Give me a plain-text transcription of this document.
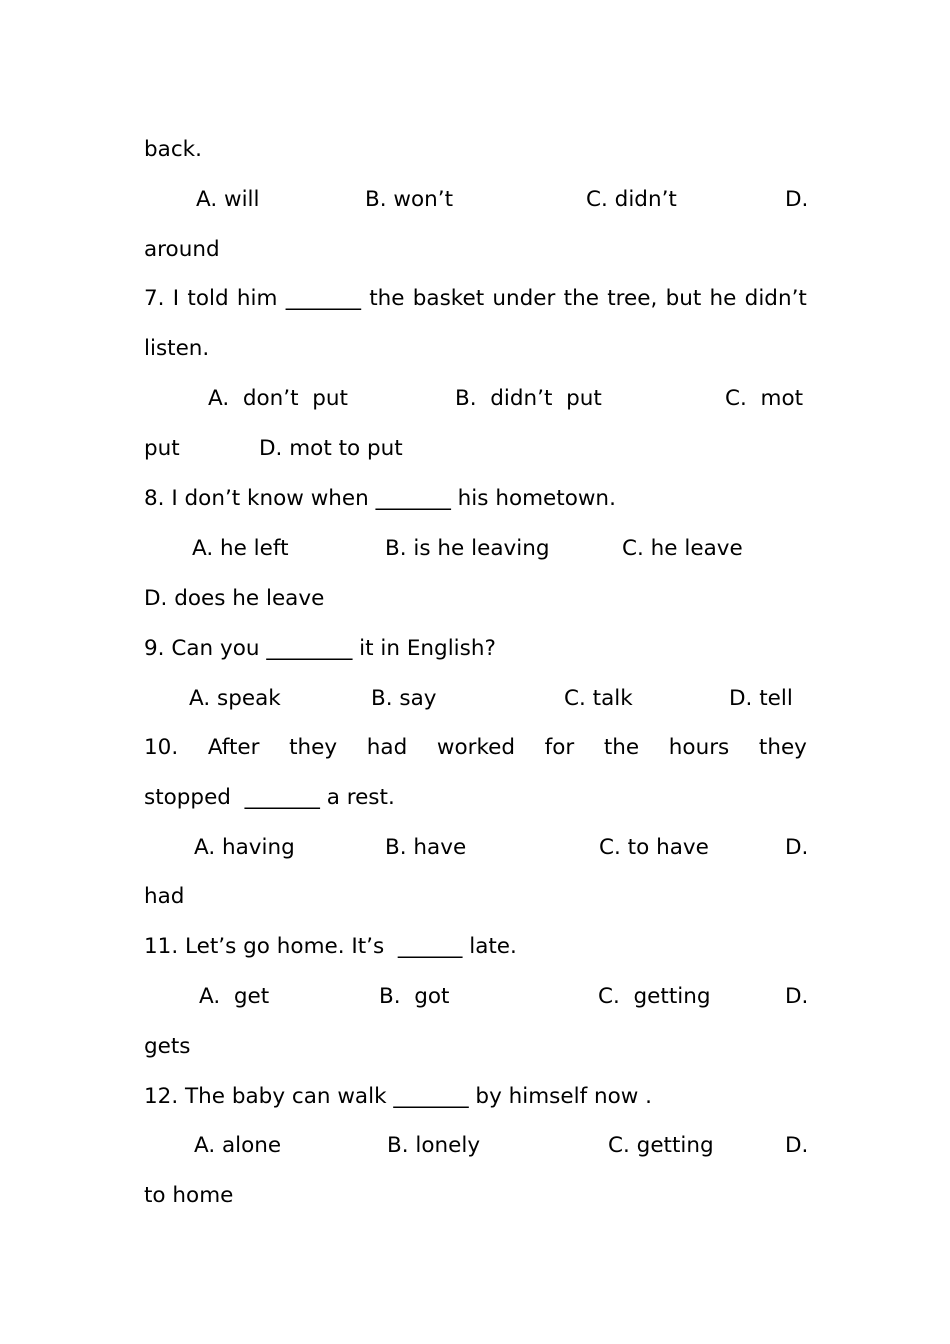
back.
A. will	B. won’t	C. didn’t	D.
around
7. I told him _______ the basket under the tree, but he didn’t
listen.
A.  don’t  put	B.  didn’t  put	C.  mot
put	D. mot to put
8. I don’t know when _______ his hometown.
A. he left	B. is he leaving	C. he leave
D. does he leave
9. Can you ________ it in English?
A. speak	B. say	C. talk	D. tell
10. After they had worked for the hours they
stopped  _______ a rest.
A. having	B. have	C. to have	D.
had
11. Let’s go home. It’s  ______ late.
A.  get	B.  got	C.  getting	D.
gets
12. The baby can walk _______ by himself now .
A. alone	B. lonely	C. getting	D.
to home
